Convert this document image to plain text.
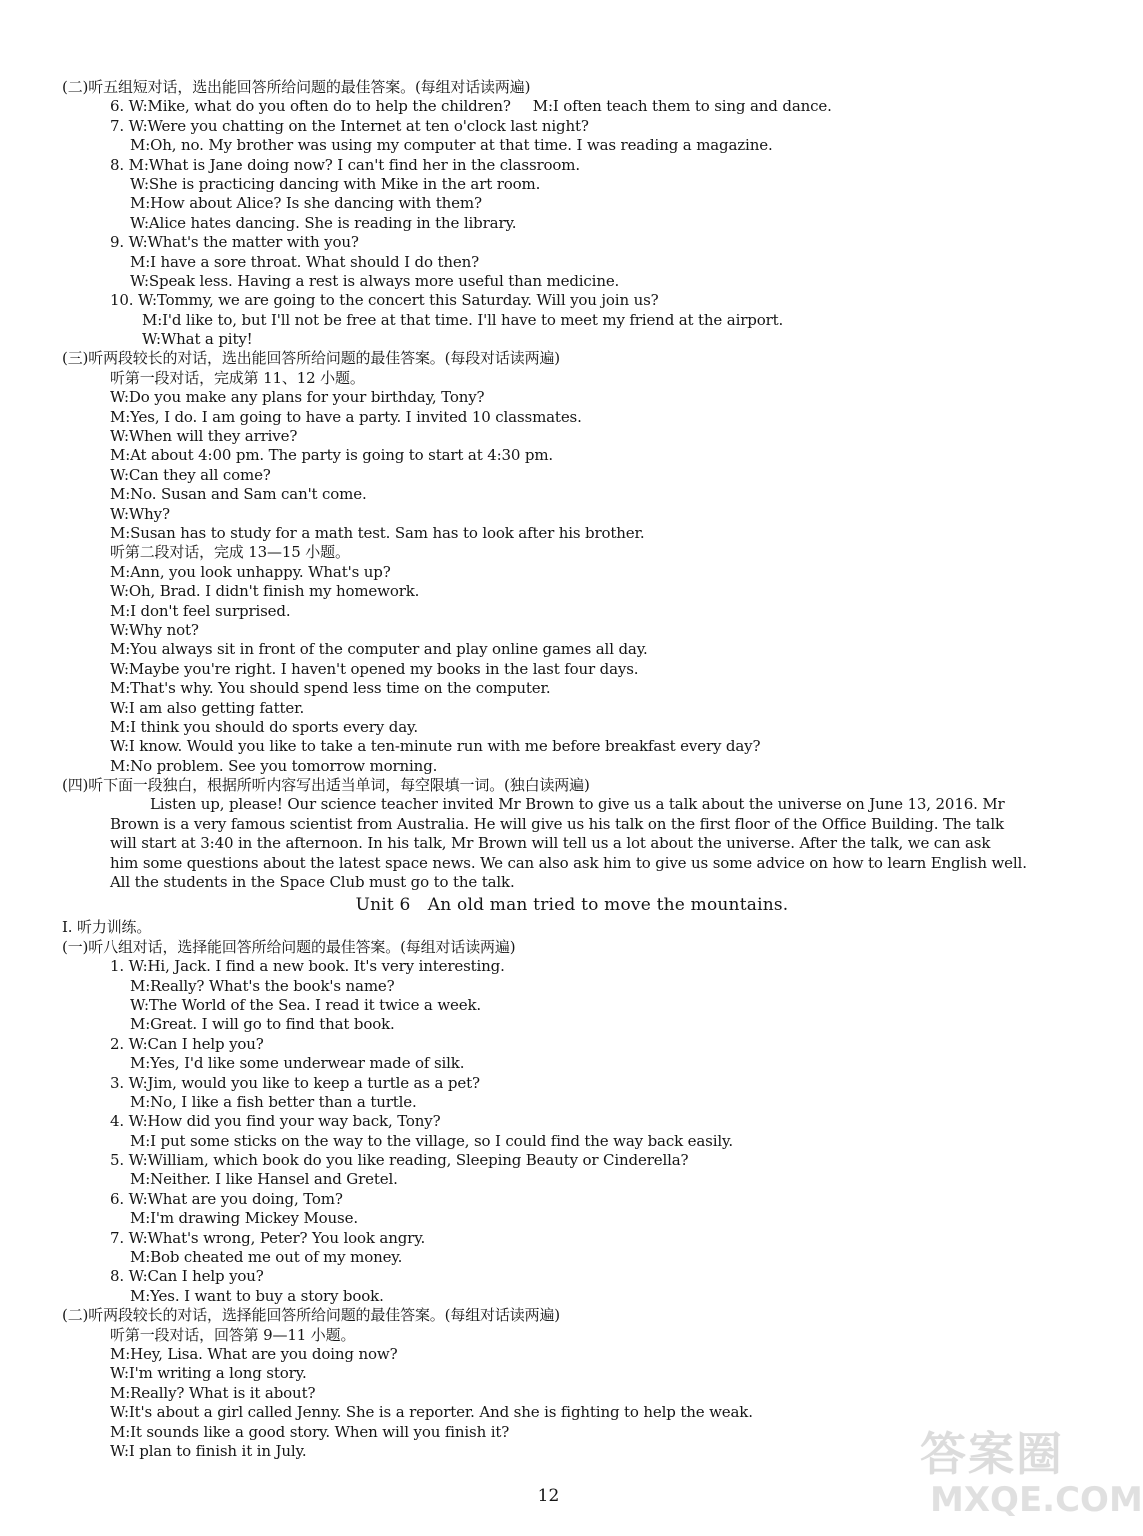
(二)听五组短对话，选出能回答所给问题的最佳答案。(每组对话读两遍)
6. W:Mike, what do you often do to help the children? M:I often teach them to sing and dance.
7. W:Were you chatting on the Internet at ten o'clock last night?
M:Oh, no. My brother was using my computer at that time. I was reading a magazine.
8. M:What is Jane doing now? I can't find her in the classroom.
W:She is practicing dancing with Mike in the art room.
M:How about Alice? Is she dancing with them?
W:Alice hates dancing. She is reading in the library.
9. W:What's the matter with you?
M:I have a sore throat. What should I do then?
W:Speak less. Having a rest is always more useful than medicine.
10. W:Tommy, we are going to the concert this Saturday. Will you join us?
M:I'd like to, but I'll not be free at that time. I'll have to meet my friend at the airport.
W:What a pity!
(三)听两段较长的对话，选出能回答所给问题的最佳答案。(每段对话读两遍)
听第一段对话，完成第 11、12 小题。
W:Do you make any plans for your birthday, Tony?
M:Yes, I do. I am going to have a party. I invited 10 classmates.
W:When will they arrive?
M:At about 4:00 pm. The party is going to start at 4:30 pm.
W:Can they all come?
M:No. Susan and Sam can't come.
W:Why?
M:Susan has to study for a math test. Sam has to look after his brother.
听第二段对话，完成 13—15 小题。
M:Ann, you look unhappy. What's up?
W:Oh, Brad. I didn't finish my homework.
M:I don't feel surprised.
W:Why not?
M:You always sit in front of the computer and play online games all day.
W:Maybe you're right. I haven't opened my books in the last four days.
M:That's why. You should spend less time on the computer.
W:I am also getting fatter.
M:I think you should do sports every day.
W:I know. Would you like to take a ten-minute run with me before breakfast every day?
M:No problem. See you tomorrow morning.
(四)听下面一段独白，根据所听内容写出适当单词，每空限填一词。(独白读两遍)
Listen up, please! Our science teacher invited Mr Brown to give us a talk about the universe on June 13, 2016. Mr
Brown is a very famous scientist from Australia. He will give us his talk on the first floor of the Office Building. The talk
will start at 3:40 in the afternoon. In his talk, Mr Brown will tell us a lot about the universe. After the talk, we can ask
him some questions about the latest space news. We can also ask him to give us some advice on how to learn English well.
All the students in the Space Club must go to the talk.
Unit 6　An old man tried to move the mountains.
Ⅰ. 听力训练。
(一)听八组对话，选择能回答所给问题的最佳答案。(每组对话读两遍)
1. W:Hi, Jack. I find a new book. It's very interesting.
M:Really? What's the book's name?
W:The World of the Sea. I read it twice a week.
M:Great. I will go to find that book.
2. W:Can I help you?
M:Yes, I'd like some underwear made of silk.
3. W:Jim, would you like to keep a turtle as a pet?
M:No, I like a fish better than a turtle.
4. W:How did you find your way back, Tony?
M:I put some sticks on the way to the village, so I could find the way back easily.
5. W:William, which book do you like reading, Sleeping Beauty or Cinderella?
M:Neither. I like Hansel and Gretel.
6. W:What are you doing, Tom?
M:I'm drawing Mickey Mouse.
7. W:What's wrong, Peter? You look angry.
M:Bob cheated me out of my money.
8. W:Can I help you?
M:Yes. I want to buy a story book.
(二)听两段较长的对话，选择能回答所给问题的最佳答案。(每组对话读两遍)
听第一段对话，回答第 9—11 小题。
M:Hey, Lisa. What are you doing now?
W:I'm writing a long story.
M:Really? What is it about?
W:It's about a girl called Jenny. She is a reporter. And she is fighting to help the weak.
M:It sounds like a good story. When will you finish it?
W:I plan to finish it in July.
12
答案圈
MXQE.COM
